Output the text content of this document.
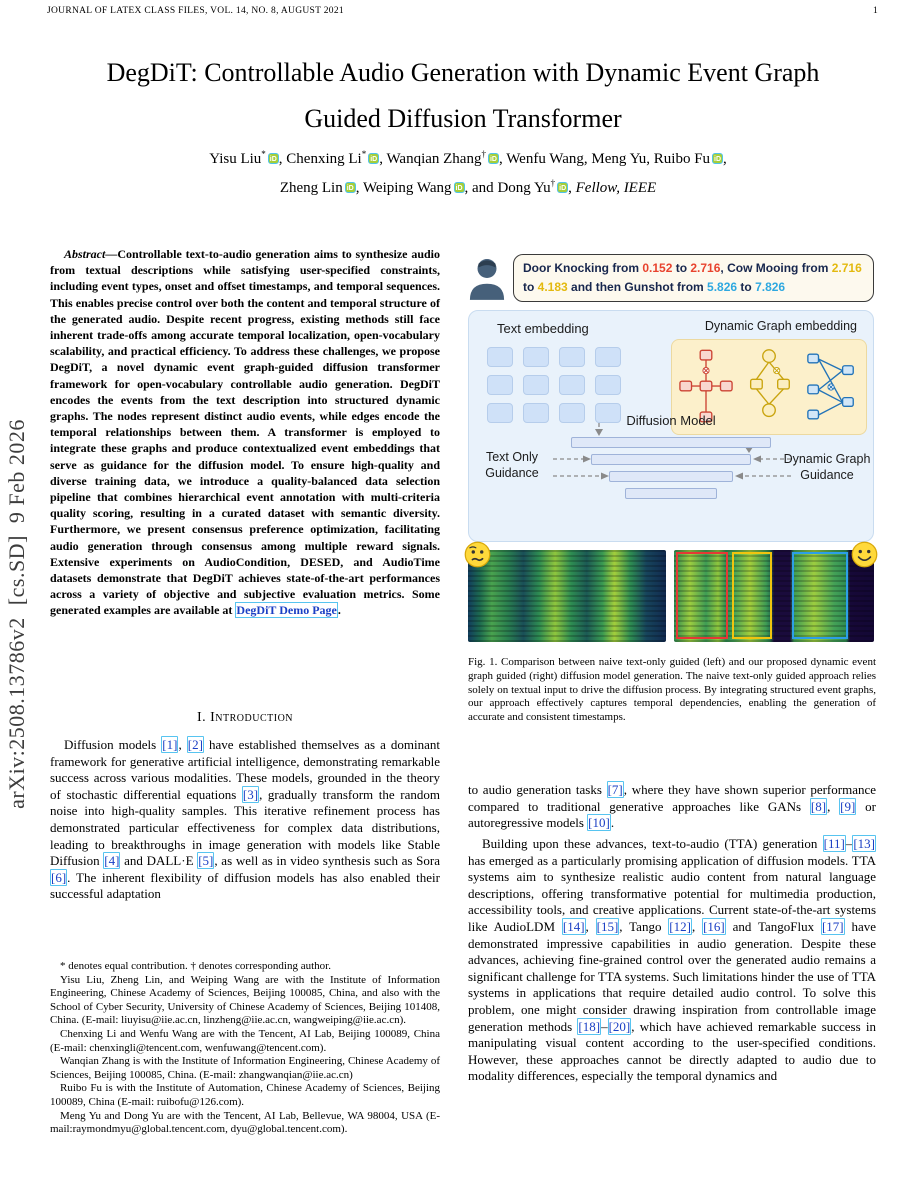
JOURNAL OF LATEX CLASS FILES, VOL. 14, NO. 8, AUGUST 2021	1
arXiv:2508.13786v2  [cs.SD]  9 Feb 2026
DegDiT: Controllable Audio Generation with Dynamic Event Graph
Guided Diffusion Transformer
Yisu Liu*iD , Chenxing Li*iD , Wanqian Zhang†iD , Wenfu Wang, Meng Yu, Ruibo Fu iD ,
Zheng Lin iD , Weiping Wang iD , and Dong Yu†iD , Fellow, IEEE

Abstract—Controllable text-to-audio generation aims to synthesize audio from textual descriptions while satisfying user-specified constraints, including event types, onset and offset timestamps, and temporal sequences. This enables precise control over both the content and temporal structure of the generated audio. Despite recent progress, existing methods still face inherent trade-offs among accurate temporal localization, open-vocabulary scalability, and practical efficiency. To address these challenges, we propose DegDiT, a novel dynamic event graph-guided diffusion transformer framework for open-vocabulary controllable audio generation. DegDiT encodes the events from the text description into structured dynamic graphs. The nodes represent distinct audio events, while edges encode the temporal relationships between them. A transformer is employed to integrate these graphs and produce contextualized event embeddings that serve as guidance for the diffusion model. To ensure high-quality and diverse training data, we introduce a quality-balanced data selection pipeline that combines hierarchical event annotation with multi-criteria quality scoring, resulting in a curated dataset with semantic diversity. Furthermore, we present consensus preference optimization, facilitating audio generation through consensus among multiple reward signals. Extensive experiments on AudioCondition, DESED, and AudioTime datasets demonstrate that DegDiT achieves state-of-the-art performances across a variety of objective and subjective evaluation metrics. Some generated examples are available at DegDiT Demo Page.

I. Introduction

Diffusion models [1], [2] have established themselves as a dominant framework for generative artificial intelligence, demonstrating remarkable success across various modalities. These models, grounded in the theory of stochastic differential equations [3], gradually transform the random noise into high-quality samples. This iterative refinement process has demonstrated particular effectiveness for complex data distributions, leading to breakthroughs in image generation with models like Stable Diffusion [4] and DALL·E [5], as well as in video synthesis such as Sora [6]. The inherent flexibility of diffusion models has also enabled their successful adaptation

* denotes equal contribution. † denotes corresponding author.

Yisu Liu, Zheng Lin, and Weiping Wang are with the Institute of Information Engineering, Chinese Academy of Sciences, Beijing 100085, China, and also with the School of Cyber Security, University of Chinese Academy of Sciences, Beijing 101408, China. (E-mail: liuyisu@iie.ac.cn, linzheng@iie.ac.cn, wangweiping@iie.ac.cn).

Chenxing Li and Wenfu Wang are with the Tencent, AI Lab, Beijing 100089, China (E-mail: chenxingli@tencent.com, wenfuwang@tencent.com).

Wanqian Zhang is with the Institute of Information Engineering, Chinese Academy of Sciences, Beijing 100085, China. (E-mail: zhangwanqian@iie.ac.cn)

Ruibo Fu is with the Institute of Automation, Chinese Academy of Sciences, Beijing 100089, China (E-mail: ruibofu@126.com).

Meng Yu and Dong Yu are with the Tencent, AI Lab, Bellevue, WA 98004, USA (E-mail:raymondmyu@global.tencent.com, dyu@global.tencent.com).

Door Knocking from 0.152 to 2.716, Cow Mooing from 2.716 to 4.183 and then Gunshot from 5.826 to 7.826
Text embedding	Dynamic Graph embedding
Diffusion Model
Text Only Guidance
Dynamic Graph Guidance
Fig. 1. Comparison between naive text-only guided (left) and our proposed dynamic event graph guided (right) diffusion model generation. The naive text-only guided approach relies solely on textual input to drive the diffusion process. By integrating structured event graphs, our approach effectively captures temporal dependencies, enabling the generation of accurate and consistent timestamps.

to audio generation tasks [7], where they have shown superior performance compared to traditional generative approaches like GANs [8], [9] or autoregressive models [10].

Building upon these advances, text-to-audio (TTA) generation [11]–[13] has emerged as a particularly promising application of diffusion models. TTA systems aim to synthesize realistic audio content from natural language descriptions, offering transformative potential for multimedia production, accessibility tools, and creative applications. Current state-of-the-art systems like AudioLDM [14], [15], Tango [12], [16] and TangoFlux [17] have demonstrated impressive capabilities in audio generation. Despite these advances, achieving fine-grained control over the generated audio remains a significant challenge for TTA systems. Such limitations hinder the use of TTA systems in applications that require detailed audio control. To solve this problem, one might consider drawing inspiration from controllable image generation methods [18]–[20], which have achieved remarkable success in manipulating visual content according to the user-specified conditions. However, these approaches cannot be directly adapted to audio due to modality differences, especially the temporal dynamics and
